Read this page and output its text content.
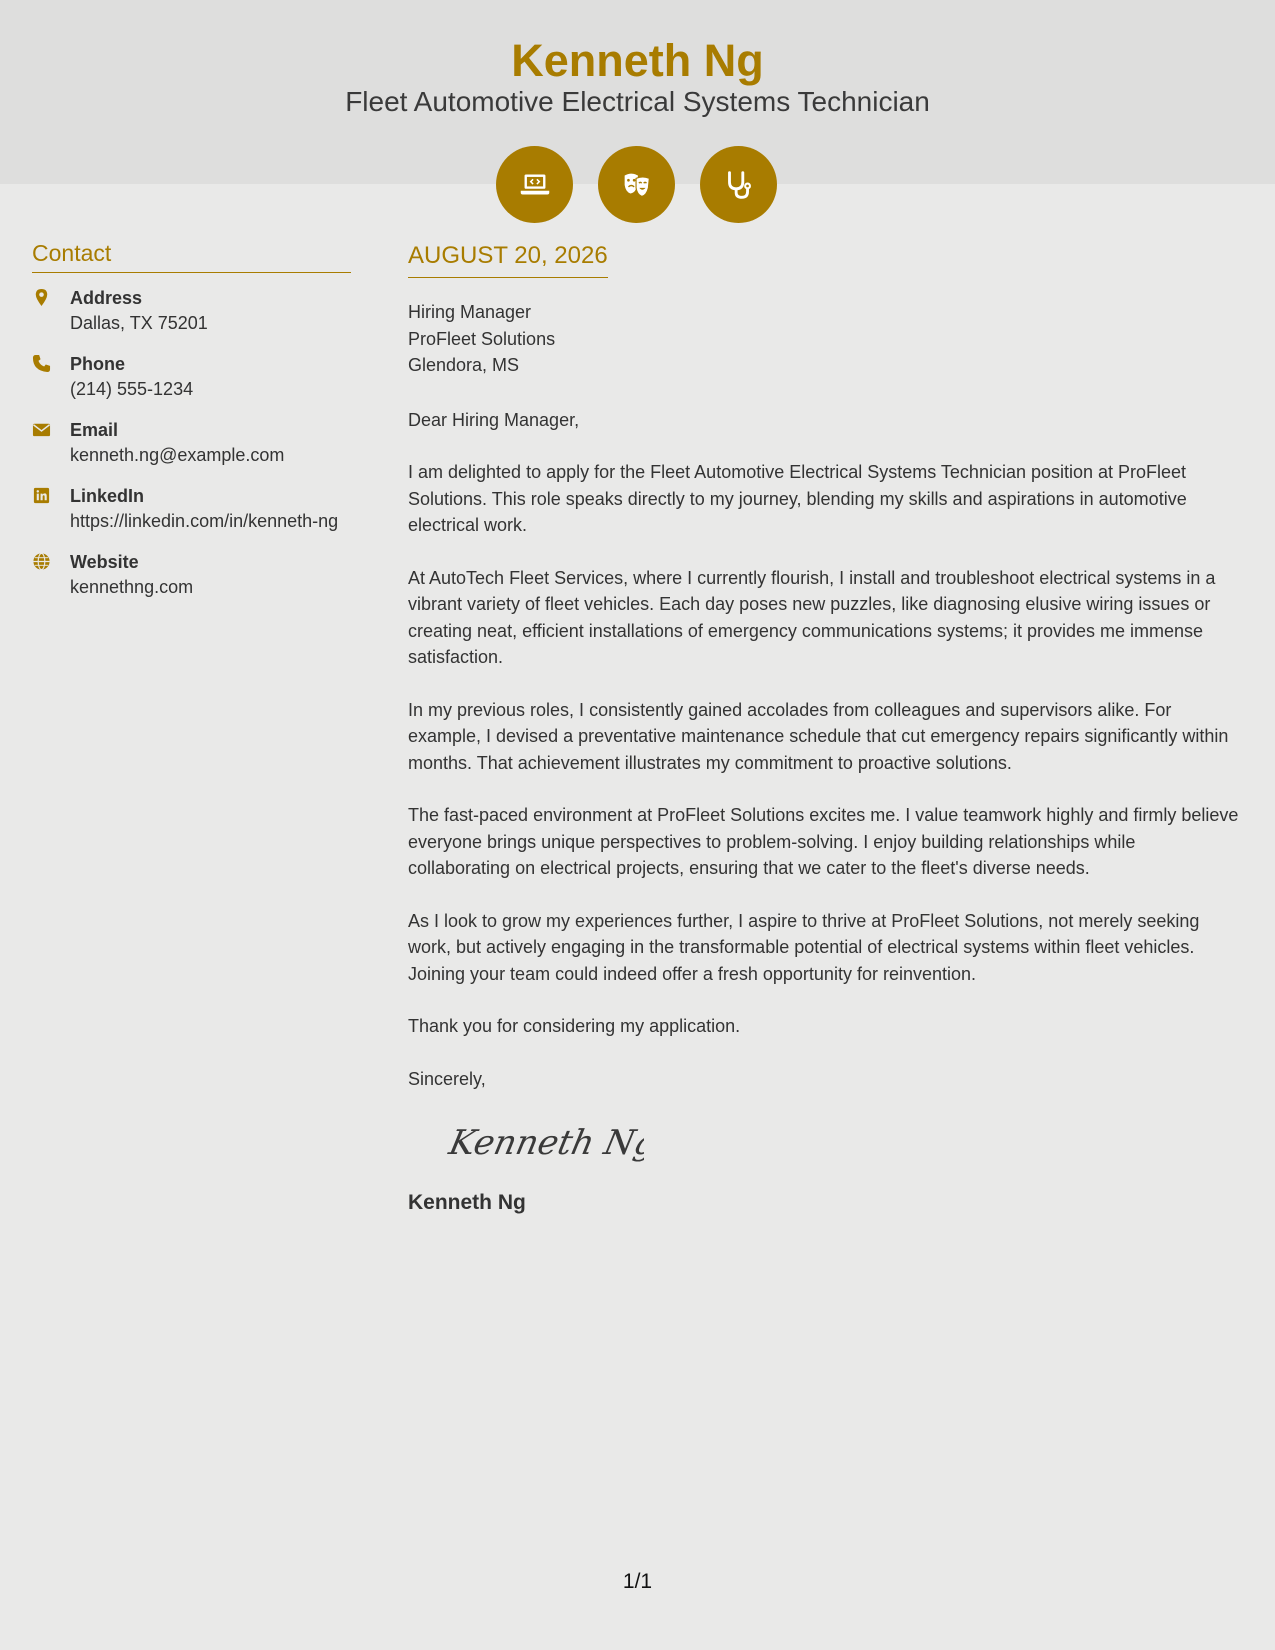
Kenneth Ng
Fleet Automotive Electrical Systems Technician
Contact
Address
Dallas, TX 75201
Phone
(214) 555-1234
Email
kenneth.ng@example.com
LinkedIn
https://linkedin.com/in/kenneth-ng
Website
kennethng.com
AUGUST 20, 2026
Hiring Manager
ProFleet Solutions
Glendora, MS

Dear Hiring Manager,

I am delighted to apply for the Fleet Automotive Electrical Systems Technician position at ProFleet Solutions. This role speaks directly to my journey, blending my skills and aspirations in automotive electrical work.

At AutoTech Fleet Services, where I currently flourish, I install and troubleshoot electrical systems in a vibrant variety of fleet vehicles. Each day poses new puzzles, like diagnosing elusive wiring issues or creating neat, efficient installations of emergency communications systems; it provides me immense satisfaction.

In my previous roles, I consistently gained accolades from colleagues and supervisors alike. For example, I devised a preventative maintenance schedule that cut emergency repairs significantly within months. That achievement illustrates my commitment to proactive solutions.

The fast-paced environment at ProFleet Solutions excites me. I value teamwork highly and firmly believe everyone brings unique perspectives to problem-solving. I enjoy building relationships while collaborating on electrical projects, ensuring that we cater to the fleet's diverse needs.

As I look to grow my experiences further, I aspire to thrive at ProFleet Solutions, not merely seeking work, but actively engaging in the transformable potential of electrical systems within fleet vehicles. Joining your team could indeed offer a fresh opportunity for reinvention.

Thank you for considering my application.

Sincerely,
Kenneth Ng
Kenneth Ng
1/1
